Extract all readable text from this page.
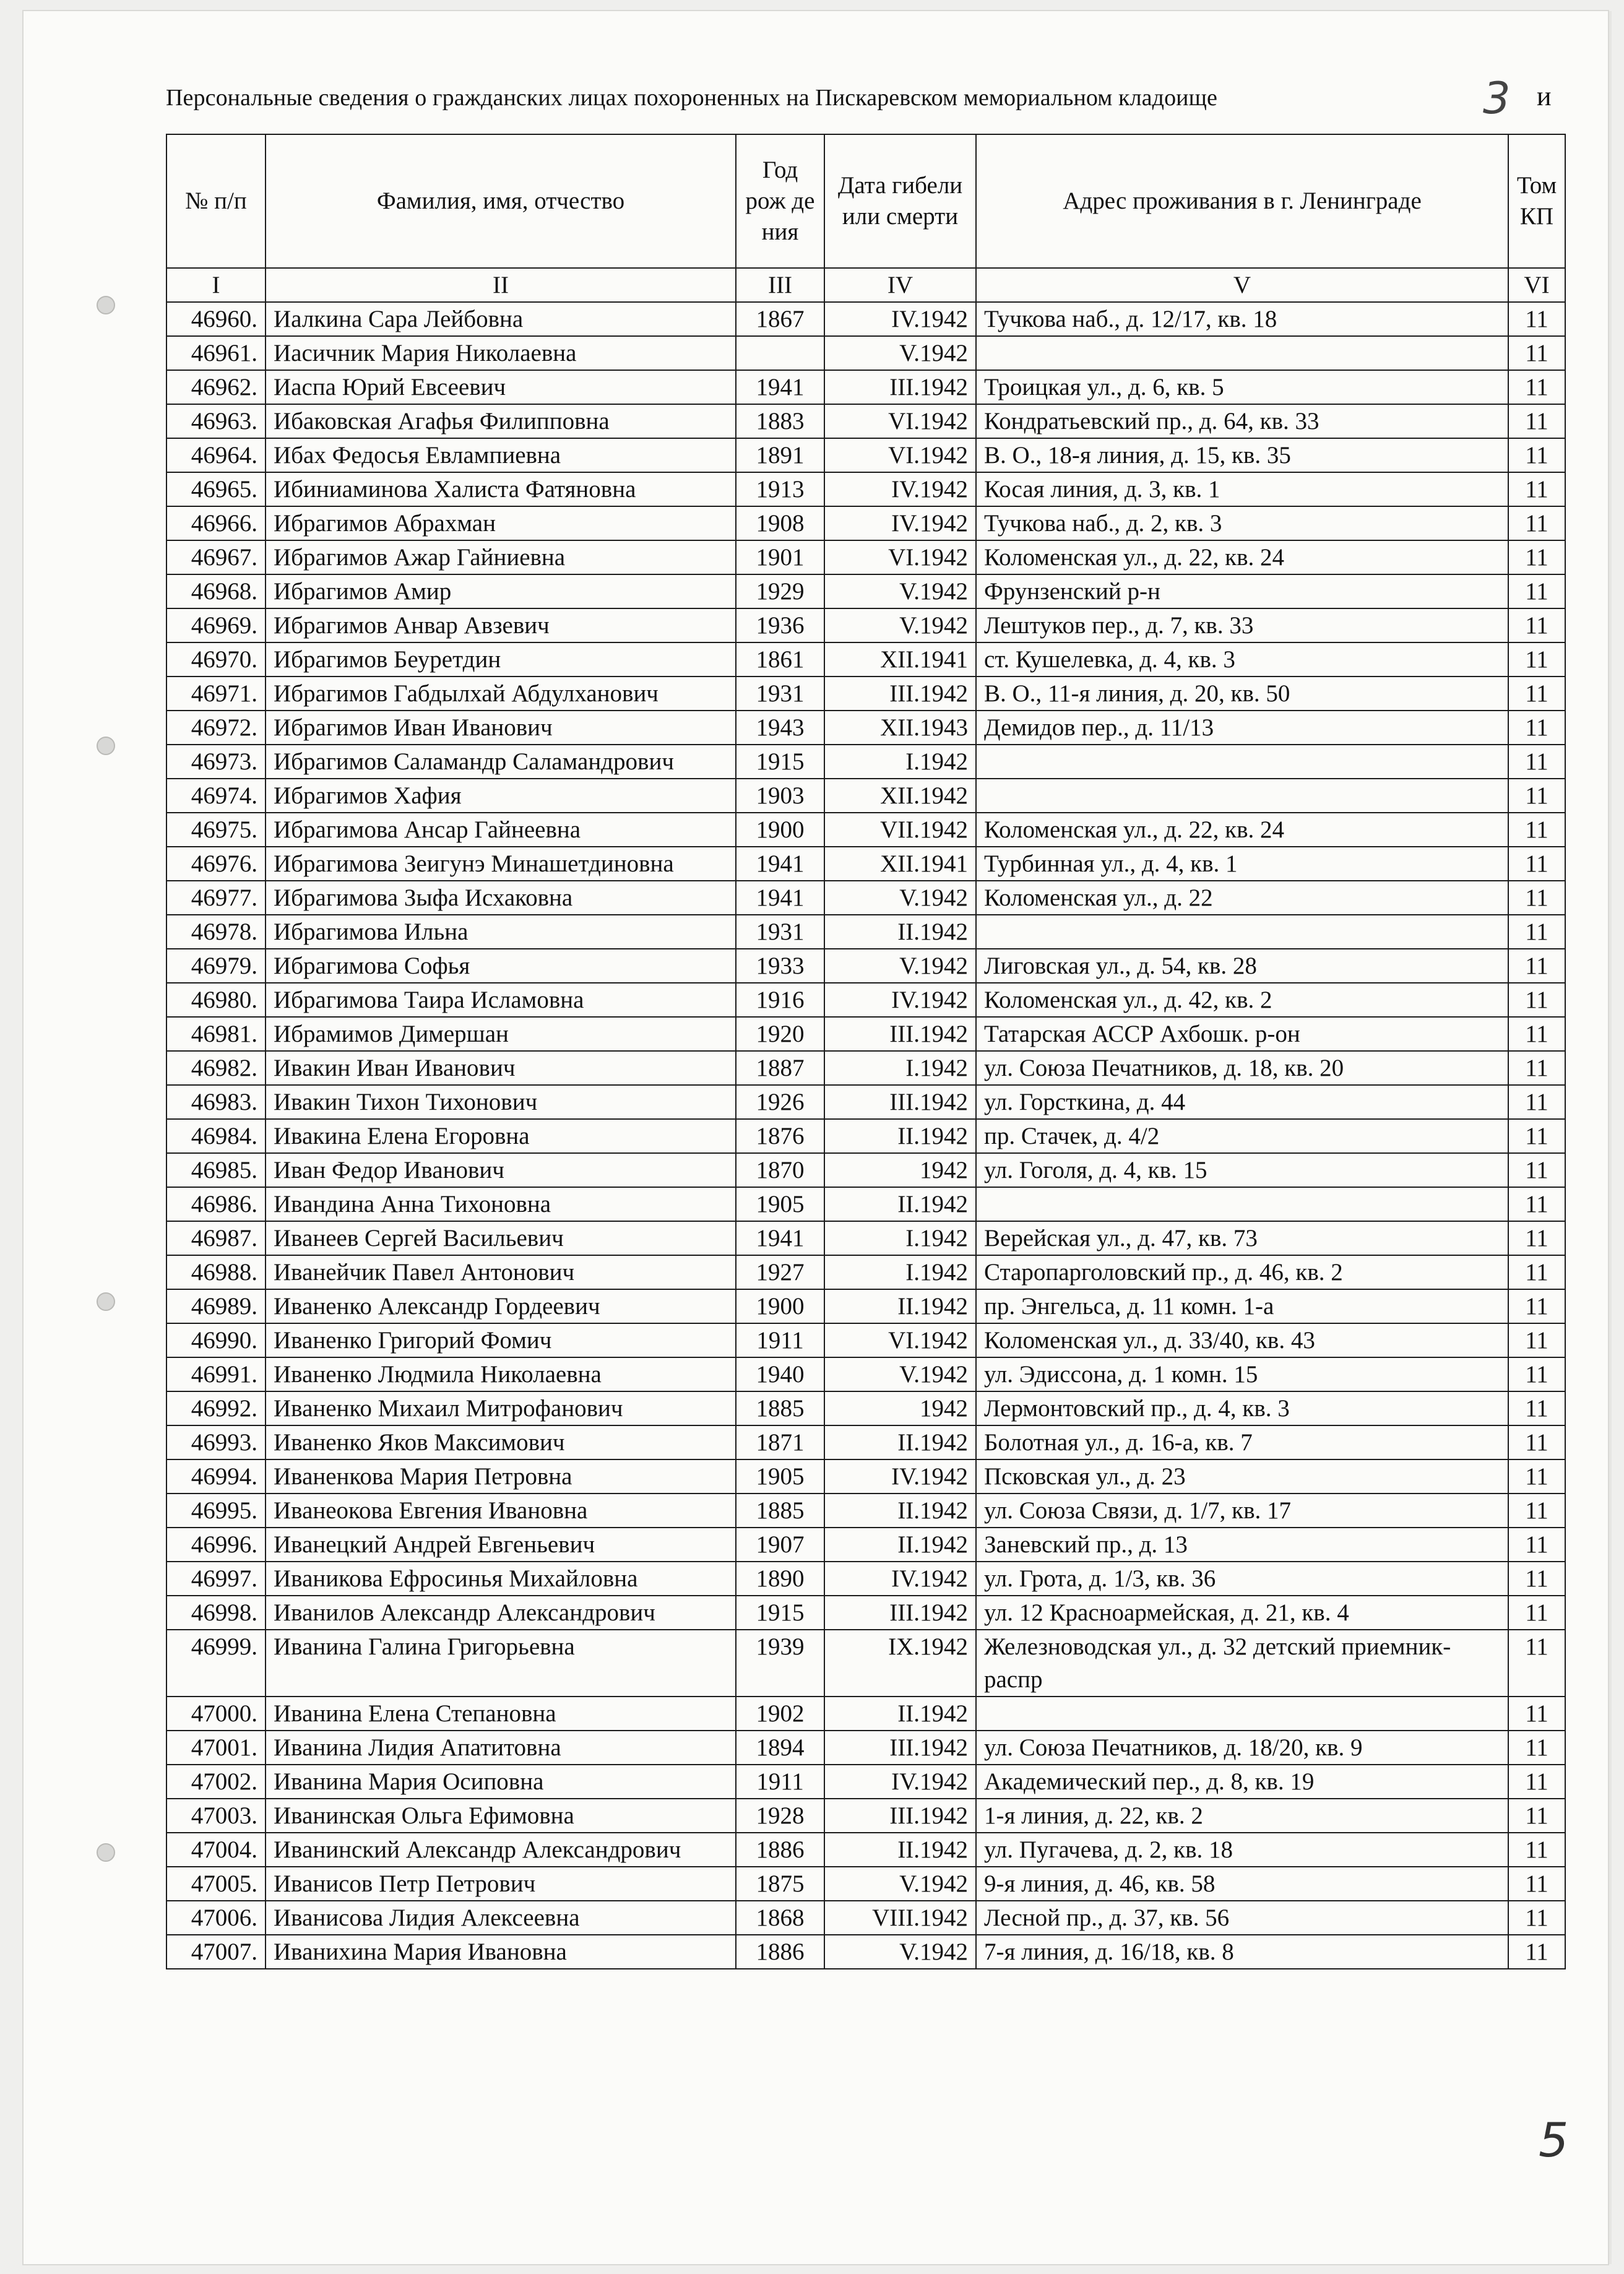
Персональные сведения о гражданских лицах похороненных на Пискаревском мемориальном кладоище	3 и
№ п/п	Фамилия, имя, отчество	Год рож де ния	Дата гибели или смерти	Адрес проживания в г. Ленинграде	Том КП
I	II	III	IV	V	VI
46960.	Иалкина Сара Лейбовна	1867	IV.1942	Тучкова наб., д. 12/17, кв. 18	11
46961.	Иасичник Мария Николаевна		V.1942		11
46962.	Иаспа Юрий Евсеевич	1941	III.1942	Троицкая ул., д. 6, кв. 5	11
46963.	Ибаковская Агафья Филипповна	1883	VI.1942	Кондратьевский пр., д. 64, кв. 33	11
46964.	Ибах Федосья Евлампиевна	1891	VI.1942	В. О., 18-я линия, д. 15, кв. 35	11
46965.	Ибиниаминова Халиста Фатяновна	1913	IV.1942	Косая линия, д. 3, кв. 1	11
46966.	Ибрагимов Абрахман	1908	IV.1942	Тучкова наб., д. 2, кв. 3	11
46967.	Ибрагимов Ажар Гайниевна	1901	VI.1942	Коломенская ул., д. 22, кв. 24	11
46968.	Ибрагимов Амир	1929	V.1942	Фрунзенский р-н	11
46969.	Ибрагимов Анвар Авзевич	1936	V.1942	Лештуков пер., д. 7, кв. 33	11
46970.	Ибрагимов Беуретдин	1861	XII.1941	ст. Кушелевка, д. 4, кв. 3	11
46971.	Ибрагимов Габдылхай Абдулханович	1931	III.1942	В. О., 11-я линия, д. 20, кв. 50	11
46972.	Ибрагимов Иван Иванович	1943	XII.1943	Демидов пер., д. 11/13	11
46973.	Ибрагимов Саламандр Саламандрович	1915	I.1942		11
46974.	Ибрагимов Хафия	1903	XII.1942		11
46975.	Ибрагимова Ансар Гайнеевна	1900	VII.1942	Коломенская ул., д. 22, кв. 24	11
46976.	Ибрагимова Зеигунэ Минашетдиновна	1941	XII.1941	Турбинная ул., д. 4, кв. 1	11
46977.	Ибрагимова Зыфа Исхаковна	1941	V.1942	Коломенская ул., д. 22	11
46978.	Ибрагимова Ильна	1931	II.1942		11
46979.	Ибрагимова Софья	1933	V.1942	Лиговская ул., д. 54, кв. 28	11
46980.	Ибрагимова Таира Исламовна	1916	IV.1942	Коломенская ул., д. 42, кв. 2	11
46981.	Ибрамимов Димершан	1920	III.1942	Татарская АССР Ахбошк. р-он	11
46982.	Ивакин Иван Иванович	1887	I.1942	ул. Союза Печатников, д. 18, кв. 20	11
46983.	Ивакин Тихон Тихонович	1926	III.1942	ул. Горсткина, д. 44	11
46984.	Ивакина Елена Егоровна	1876	II.1942	пр. Стачек, д. 4/2	11
46985.	Иван Федор Иванович	1870	1942	ул. Гоголя, д. 4, кв. 15	11
46986.	Ивандина Анна Тихоновна	1905	II.1942		11
46987.	Иванеев Сергей Васильевич	1941	I.1942	Верейская ул., д. 47, кв. 73	11
46988.	Иванейчик Павел Антонович	1927	I.1942	Старопарголовский пр., д. 46, кв. 2	11
46989.	Иваненко Александр Гордеевич	1900	II.1942	пр. Энгельса, д. 11 комн. 1-а	11
46990.	Иваненко Григорий Фомич	1911	VI.1942	Коломенская ул., д. 33/40, кв. 43	11
46991.	Иваненко Людмила Николаевна	1940	V.1942	ул. Эдиссона, д. 1 комн. 15	11
46992.	Иваненко Михаил Митрофанович	1885	1942	Лермонтовский пр., д. 4, кв. 3	11
46993.	Иваненко Яков Максимович	1871	II.1942	Болотная ул., д. 16-а, кв. 7	11
46994.	Иваненкова Мария Петровна	1905	IV.1942	Псковская ул., д. 23	11
46995.	Иванеокова Евгения Ивановна	1885	II.1942	ул. Союза Связи, д. 1/7, кв. 17	11
46996.	Иванецкий Андрей Евгеньевич	1907	II.1942	Заневский пр., д. 13	11
46997.	Иваникова Ефросинья Михайловна	1890	IV.1942	ул. Грота, д. 1/3, кв. 36	11
46998.	Иванилов Александр Александрович	1915	III.1942	ул. 12 Красноармейская, д. 21, кв. 4	11
46999.	Иванина Галина Григорьевна	1939	IX.1942	Железноводская ул., д. 32 детский приемник-распр	11
47000.	Иванина Елена Степановна	1902	II.1942		11
47001.	Иванина Лидия Апатитовна	1894	III.1942	ул. Союза Печатников, д. 18/20, кв. 9	11
47002.	Иванина Мария Осиповна	1911	IV.1942	Академический пер., д. 8, кв. 19	11
47003.	Иванинская Ольга Ефимовна	1928	III.1942	1-я линия, д. 22, кв. 2	11
47004.	Иванинский Александр Александрович	1886	II.1942	ул. Пугачева, д. 2, кв. 18	11
47005.	Иванисов Петр Петрович	1875	V.1942	9-я линия, д. 46, кв. 58	11
47006.	Иванисова Лидия Алексеевна	1868	VIII.1942	Лесной пр., д. 37, кв. 56	11
47007.	Иванихина Мария Ивановна	1886	V.1942	7-я линия, д. 16/18, кв. 8	11
5
